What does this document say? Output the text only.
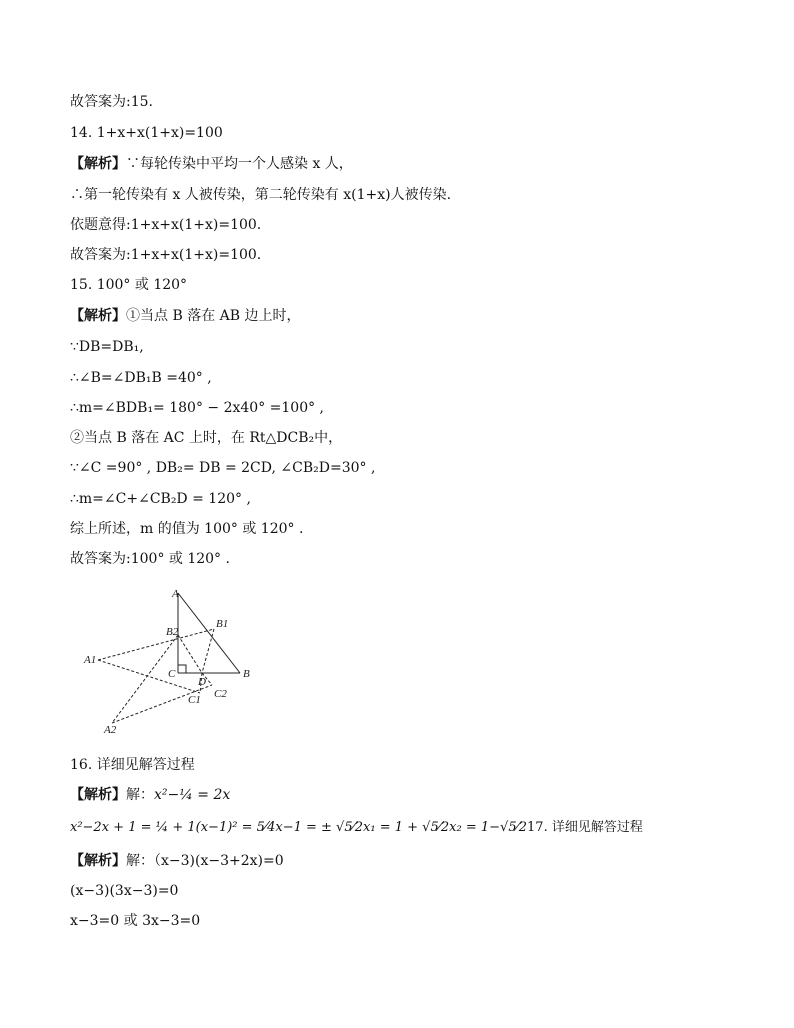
故答案为:15.
14. 1+x+x(1+x)=100
【解析】∵每轮传染中平均一个人感染 x 人，
∴第一轮传染有 x 人被传染，第二轮传染有 x(1+x)人被传染.
依题意得:1+x+x(1+x)=100.
故答案为:1+x+x(1+x)=100.
15. 100° 或 120°
【解析】①当点 B 落在 AB 边上时，
∵DB=DB₁,
∴∠B=∠DB₁B =40° ,
∴m=∠BDB₁= 180° − 2x40° =100° ,
②当点 B 落在 AC 上时，在 Rt△DCB₂中，
∵∠C =90° , DB₂= DB = 2CD, ∠CB₂D=30° ,
∴m=∠C+∠CB₂D = 120° ,
综上所述，m 的值为 100° 或 120° .
故答案为:100° 或 120° .
A
B
C
D
B2
B1
A1
A2
C1 C2
16. 详细见解答过程
【解析】解：x²−¼ = 2x
x²−2x + 1 = ¼ + 1(x−1)² = 5⁄4x−1 = ± √5⁄2x₁ = 1 + √5⁄2x₂ = 1−√5⁄217. 详细见解答过程
【解析】解：（x−3)(x−3+2x)=0
(x−3)(3x−3)=0
x−3=0 或 3x−3=0
